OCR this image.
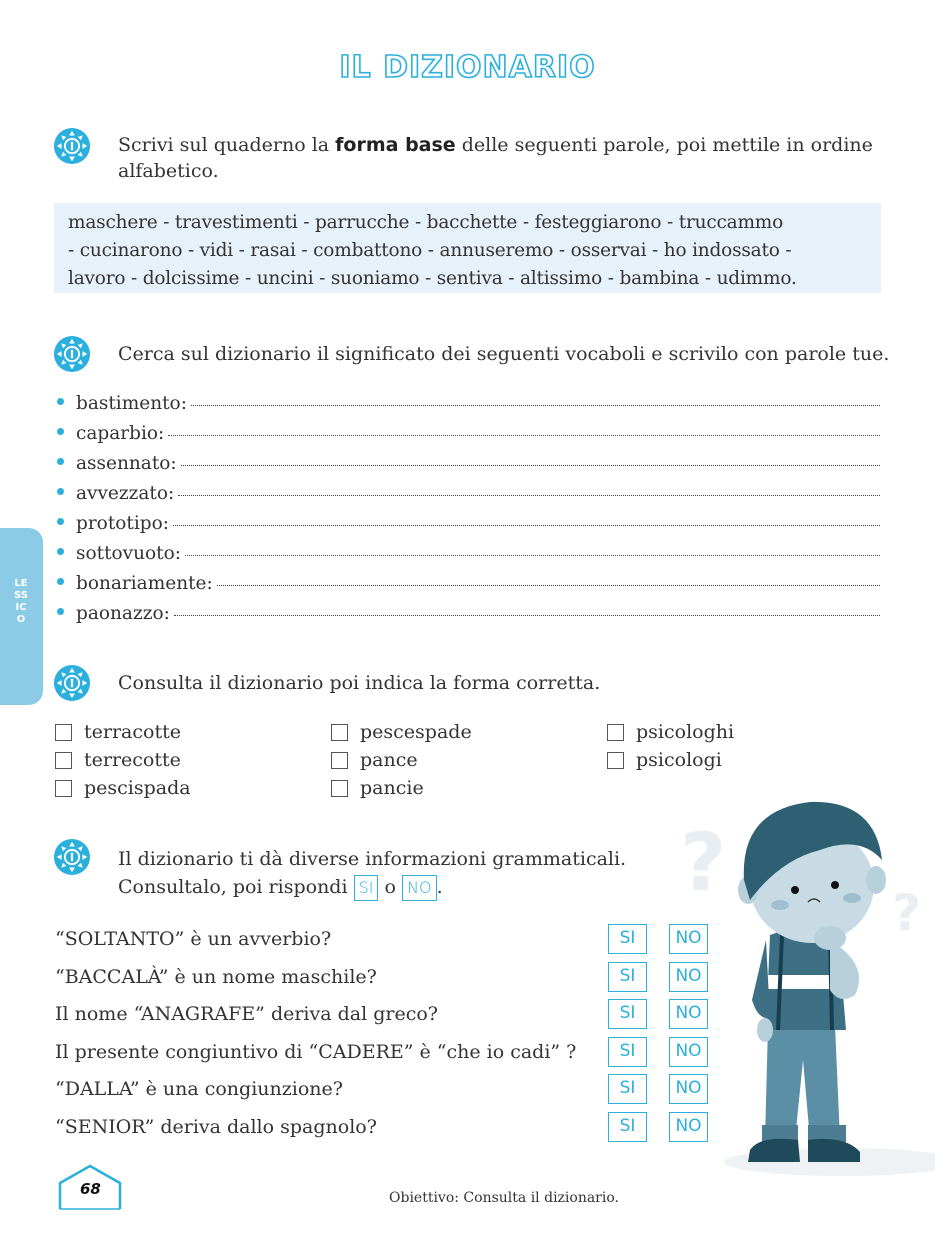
IL DIZIONARIO
LESSICO
Scrivi sul quaderno la forma base delle seguenti parole, poi mettile in ordine alfabetico.
maschere - travestimenti - parrucche - bacchette - festeggiarono - truccammo
- cucinarono - vidi - rasai - combattono - annuseremo - osservai - ho indossato -
lavoro - dolcissime - uncini - suoniamo - sentiva - altissimo - bambina - udimmo.
Cerca sul dizionario il significato dei seguenti vocaboli e scrivilo con parole tue.
bastimento:
caparbio:
assennato:
avvezzato:
prototipo:
sottovuoto:
bonariamente:
paonazzo:
Consulta il dizionario poi indica la forma corretta.
terracotte
terrecotte
pescispada
pescespade
pance
pancie
psicologhi
psicologi
?
?
Il dizionario ti dà diverse informazioni grammaticali.
Consultalo, poi rispondi SI o NO .
“SOLTANTO” è un avverbio?
“BACCALÀ” è un nome maschile?
Il nome “ANAGRAFE” deriva dal greco?
Il presente congiuntivo di “CADERE” è “che io cadi” ?
“DALLA” è una congiunzione?
“SENIOR” deriva dallo spagnolo?
SI	NO
SI	NO
SI	NO
SI	NO
SI	NO
SI	NO
68	Obiettivo: Consulta il dizionario.
